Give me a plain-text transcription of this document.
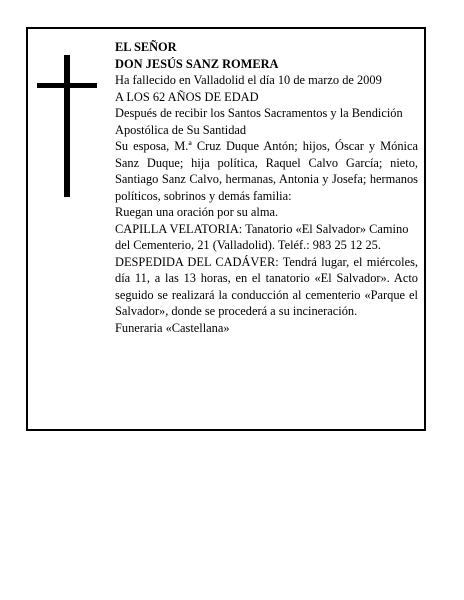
EL SEÑOR

DON JESÚS SANZ ROMERA

Ha fallecido en Valladolid el día 10 de marzo de 2009

A LOS 62 AÑOS DE EDAD

Después de recibir los Santos Sacramentos y la Bendición Apostólica de Su Santidad

Su esposa, M.ª Cruz Duque Antón; hijos, Óscar y Mónica Sanz Duque; hija política, Raquel Calvo García; nieto, Santiago Sanz Calvo, hermanas, Antonia y Josefa; hermanos políticos, sobrinos y demás familia:

Ruegan una oración por su alma.

CAPILLA VELATORIA: Tanatorio «El Salvador» Camino del Cementerio, 21 (Valladolid). Teléf.: 983 25 12 25.

DESPEDIDA DEL CADÁVER: Tendrá lugar, el miércoles, día 11, a las 13 horas, en el tanatorio «El Salvador». Acto seguido se realizará la conducción al cementerio «Parque el Salvador», donde se procederá a su incineración.

Funeraria «Castellana»
